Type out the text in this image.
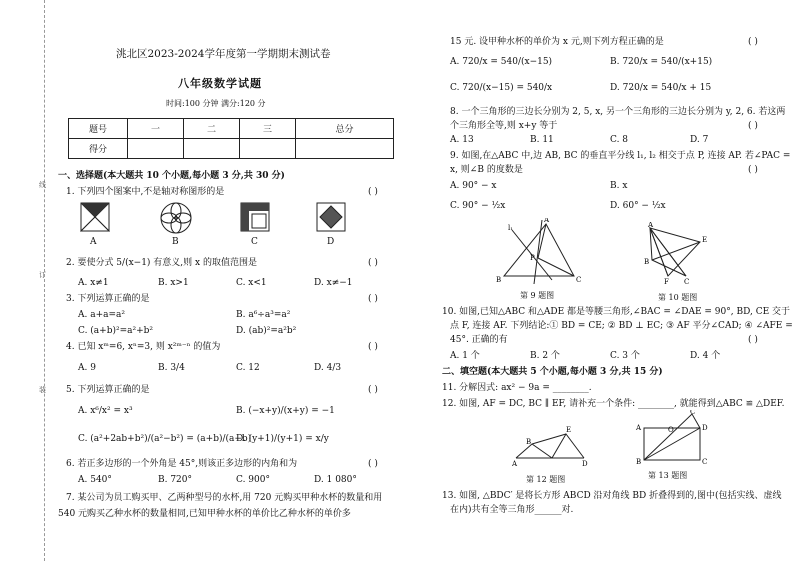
线
订
装
洮北区2023-2024学年度第一学期期末测试卷
八年级数学试题
时间:100 分钟 满分:120 分
题号	一	二	三	总分
得分				
一、选择题(本大题共 10 个小题,每小题 3 分,共 30 分)
1. 下列四个图案中,不是轴对称图形的是	( )
A	B	C	D
2. 要使分式 5/(x−1) 有意义,则 x 的取值范围是	( )
A. x≠1	B. x>1	C. x<1	D. x≠−1
3. 下列运算正确的是	( )
A. a+a=a²	B. a⁶÷a³=a²
C. (a+b)²=a²+b²	D. (ab)²=a²b²
4. 已知 xᵐ=6, xⁿ=3, 则 x²ᵐ⁻ⁿ 的值为	( )
A. 9	B. 3/4	C. 12	D. 4/3
5. 下列运算正确的是	( )
A. x⁶/x² = x³	B. (−x+y)/(x+y) = −1
C. (a²+2ab+b²)/(a²−b²) = (a+b)/(a−b)
D. (y+1)/(y+1) = x/y
6. 若正多边形的一个外角是 45°,则该正多边形的内角和为	( )
A. 540°	B. 720°	C. 900°	D. 1 080°
7. 某公司为员工购买甲、乙两种型号的水杯,用 720 元购买甲种水杯的数量和用
540 元购买乙种水杯的数量相同,已知甲种水杯的单价比乙种水杯的单价多
15 元. 设甲种水杯的单价为 x 元,则下列方程正确的是	( )
A. 720/x = 540/(x−15)	B. 720/x = 540/(x+15)
C. 720/(x−15) = 540/x	D. 720/x = 540/x + 15
8. 一个三角形的三边长分别为 2, 5, x, 另一个三角形的三边长分别为 y, 2, 6. 若这两
个三角形全等,则 x+y 等于	( )
A. 13	B. 11	C. 8	D. 7
9. 如图,在△ABC 中,边 AB, BC 的垂直平分线 l₁, l₂ 相交于点 P, 连接 AP. 若∠PAC =
x, 则∠B 的度数是	( )
A. 90° − x	B. x
C. 90° − ½x	D. 60° − ½x
l₁
A
B	C
P
第 9 题图
A
E
B
F C
第 10 题图
10. 如图,已知△ABC 和△ADE 都是等腰三角形,∠BAC = ∠DAE = 90°, BD, CE 交于
点 F, 连接 AF. 下列结论:① BD = CE; ② BD ⊥ EC; ③ AF 平分∠CAD; ④ ∠AFE =
45°. 正确的有	( )
A. 1 个	B. 2 个	C. 3 个	D. 4 个
二、填空题(本大题共 5 个小题,每小题 3 分,共 15 分)
11. 分解因式: ax² − 9a = ________.
12. 如图, AF = DC, BC ∥ EF, 请补充一个条件: ________, 就能得到△ABC ≌ △DEF.
A
B
E
D
第 12 题图
A
C′
B	C
D
O
第 13 题图
13. 如图, △BDC′ 是将长方形 ABCD 沿对角线 BD 折叠得到的,图中(包括实线、虚线
在内)共有全等三角形______对.
